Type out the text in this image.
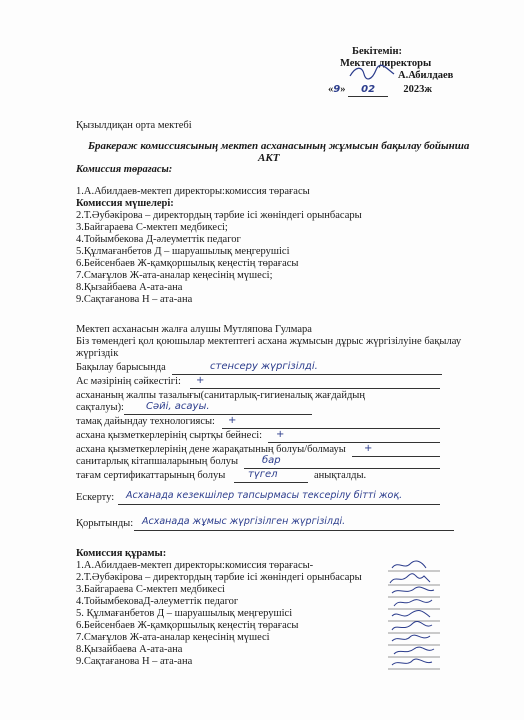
Бекітемін:
Мектеп директоры
А.Абилдаев
«9» 02	2023ж
Қызылдиқан орта мектебі
Бракераж комиссиясының мектеп асханасының жұмысын бақылау бойынша
АКТ
Комиссия төрағасы:
1.А.Абилдаев-мектеп директоры:комиссия төрағасы
Комиссия мүшелері:
2.Т.Әубәкірова – директордың тәрбие ісі жөніндегі орынбасары
3.Байгараева С-мектеп медбикесі;
4.Тойымбекова Д-әлеуметтік педагог
5.Құлмағанбетов Д – шаруашылық меңгерушісі
6.Бейсенбаев Ж-қамқоршылық кеңестің төрағасы
7.Смағұлов Ж-ата-аналар кеңесінің мүшесі;
8.Қызайбаева А-ата-ана
9.Сақтағанова Н – ата-ана
Мектеп асханасын жалға алушы Мутляпова Гулмара
Біз төмендегі қол қоюшылар мектептегі асхана жұмысын дұрыс жүргізілуіне бақылау
жүргіздік
Бақылау барысында	стенсеру жүргізілді.
Ас мәзірінің сәйкестігі: +
асхананың жалпы тазалығы(санитарлық-гигиеналық жағдайдың
сақталуы): Сәйі, асауы.
тамақ дайындау технологиясы: +
асхана қызметкерлерінің сыртқы бейнесі: +
асхана қызметкерлерінің дене жарақатының болуы/болмауы +
санитарлық кітапшаларының болуы бар
тағам сертификаттарының болуы түгел	анықталды.
Ескерту: Асханада кезекшілер тапсырмасы тексерілу бітті жоқ.
Қорытынды: Асханада жұмыс жүргізілген жүргізілді.
Комиссия құрамы:
1.А.Абилдаев-мектеп директоры:комиссия төрағасы-
2.Т.Әубәкірова – директордың тәрбие ісі жөніндегі орынбасары
3.Байгараева С-мектеп медбикесі
4.ТойымбековаД-әлеуметтік педагог
5. Құлмағанбетов Д – шаруашылық меңгерушісі
6.Бейсенбаев Ж-қамқоршылық кеңестің төрағасы
7.Смағұлов Ж-ата-аналар кеңесінің мүшесі
8.Қызайбаева А-ата-ана
9.Сақтағанова Н – ата-ана
